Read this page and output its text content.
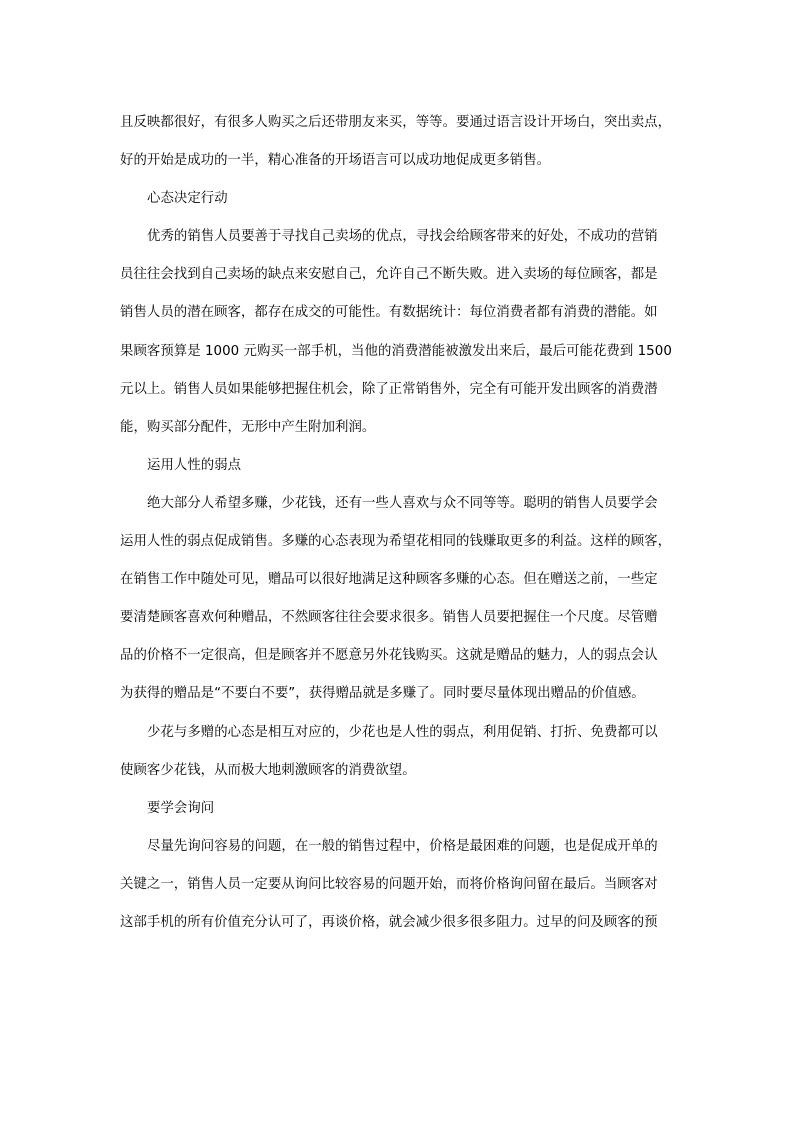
且反映都很好，有很多人购买之后还带朋友来买，等等。要通过语言设计开场白，突出卖点，
好的开始是成功的一半，精心准备的开场语言可以成功地促成更多销售。
心态决定行动
优秀的销售人员要善于寻找自己卖场的优点，寻找会给顾客带来的好处，不成功的营销
员往往会找到自己卖场的缺点来安慰自己，允许自己不断失败。进入卖场的每位顾客，都是
销售人员的潜在顾客，都存在成交的可能性。有数据统计：每位消费者都有消费的潜能。如
果顾客预算是 1000 元购买一部手机，当他的消费潜能被激发出来后，最后可能花费到 1500
元以上。销售人员如果能够把握住机会，除了正常销售外，完全有可能开发出顾客的消费潜
能，购买部分配件，无形中产生附加利润。
运用人性的弱点
绝大部分人希望多赚，少花钱，还有一些人喜欢与众不同等等。聪明的销售人员要学会
运用人性的弱点促成销售。多赚的心态表现为希望花相同的钱赚取更多的利益。这样的顾客，
在销售工作中随处可见，赠品可以很好地满足这种顾客多赚的心态。但在赠送之前，一些定
要清楚顾客喜欢何种赠品，不然顾客往往会要求很多。销售人员要把握住一个尺度。尽管赠
品的价格不一定很高，但是顾客并不愿意另外花钱购买。这就是赠品的魅力，人的弱点会认
为获得的赠品是“不要白不要”，获得赠品就是多赚了。同时要尽量体现出赠品的价值感。
少花与多赠的心态是相互对应的，少花也是人性的弱点，利用促销、打折、免费都可以
使顾客少花钱，从而极大地刺激顾客的消费欲望。
要学会询问
尽量先询问容易的问题，在一般的销售过程中，价格是最困难的问题，也是促成开单的
关键之一，销售人员一定要从询问比较容易的问题开始，而将价格询问留在最后。当顾客对
这部手机的所有价值充分认可了，再谈价格，就会减少很多很多阻力。过早的问及顾客的预
